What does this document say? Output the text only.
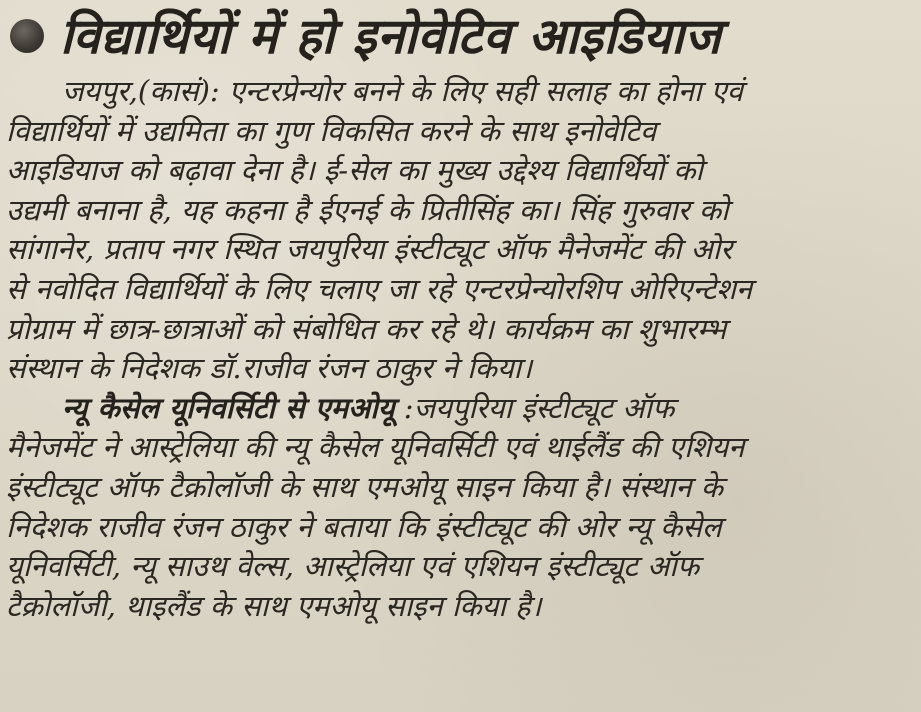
विद्यार्थियों में हो इनोवेटिव आइडियाज
जयपुर,(कासं): एन्टरप्रेन्योर बनने के लिए सही सलाह का होना एवं
विद्यार्थियों में उद्यमिता का गुण विकसित करने के साथ इनोवेटिव
आइडियाज को बढ़ावा देना है। ई-सेल का मुख्य उद्देश्य विद्यार्थियों को
उद्यमी बनाना है, यह कहना है ईएनई के प्रितीसिंह का। सिंह गुरुवार को
सांगानेर, प्रताप नगर स्थित जयपुरिया इंस्टीट्यूट ऑफ मैनेजमेंट की ओर
से नवोदित विद्यार्थियों के लिए चलाए जा रहे एन्टरप्रेन्योरशिप ओरिएन्टेशन
प्रोग्राम में छात्र-छात्राओं को संबोधित कर रहे थे। कार्यक्रम का शुभारम्भ
संस्थान के निदेशक डॉ.राजीव रंजन ठाकुर ने किया।
न्यू कैसेल यूनिवर्सिटी से एमओयू :जयपुरिया इंस्टीट्यूट ऑफ
मैनेजमेंट ने आस्ट्रेलिया की न्यू कैसेल यूनिवर्सिटी एवं थाईलैंड की एशियन
इंस्टीट्यूट ऑफ टैक्रोलॉजी के साथ एमओयू साइन किया है। संस्थान के
निदेशक राजीव रंजन ठाकुर ने बताया कि इंस्टीट्यूट की ओर न्यू कैसेल
यूनिवर्सिटी, न्यू साउथ वेल्स, आस्ट्रेलिया एवं एशियन इंस्टीट्यूट ऑफ
टैक्रोलॉजी, थाइलैंड के साथ एमओयू साइन किया है।
